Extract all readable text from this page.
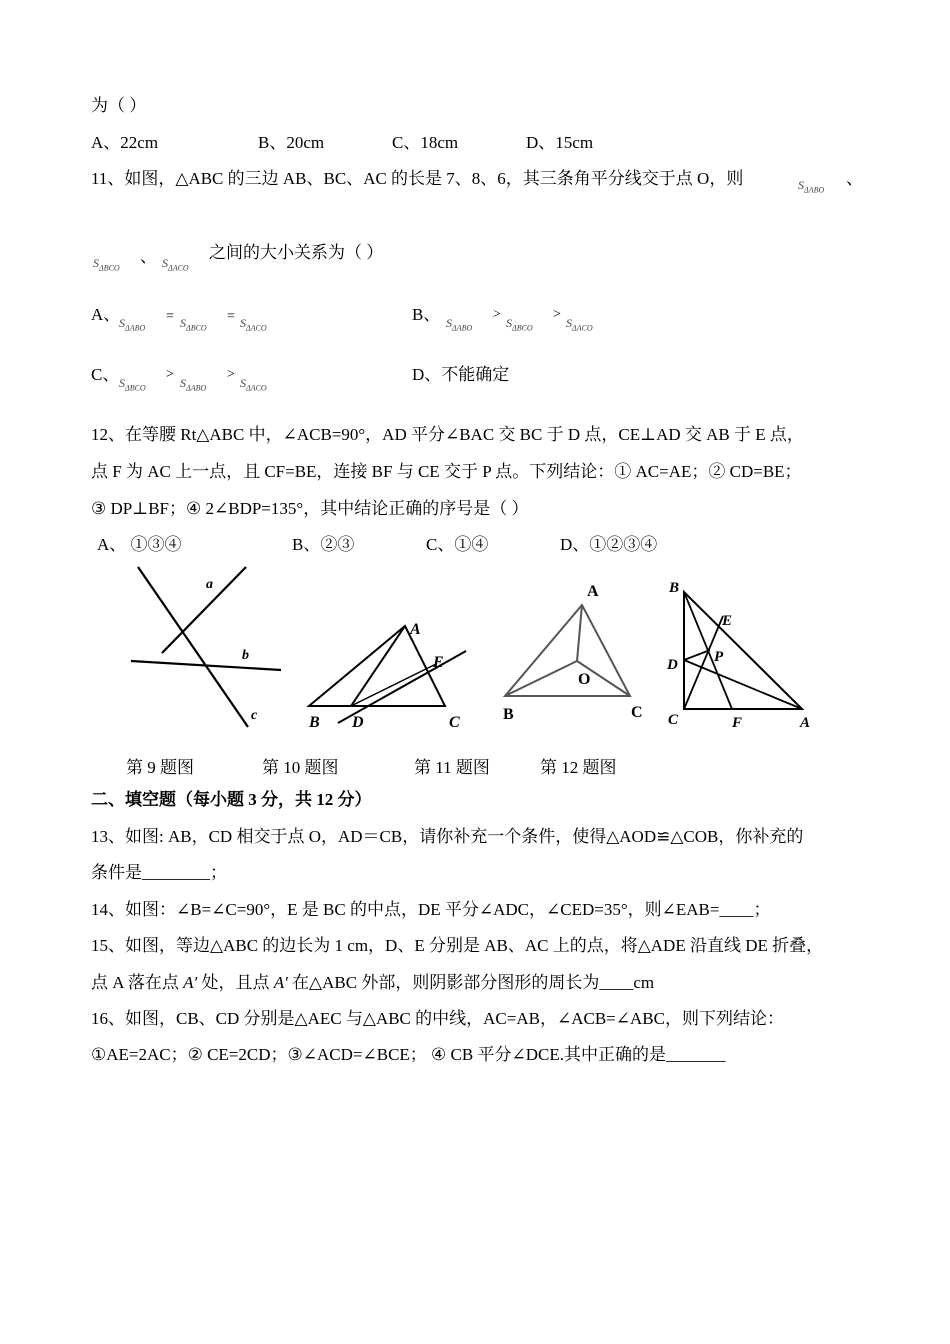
为（ ）
A、22cm	B、20cm	C、18cm	D、15cm
11、如图，△ABC 的三边 AB、BC、AC 的长是 7、8、6，其三条角平分线交于点 O，则	$S_{\Delta ABO}$
、
$S_{\Delta BCO}$
、 $S_{\Delta ACO}$
之间的大小关系为（ ）
A、
$S_{\Delta ABO}$
= $S_{\Delta BCO}$
= $S_{\Delta ACO}$
B、 $S_{\Delta ABO}$
>
$S_{\Delta BCO}$
>
$S_{\Delta ACO}$
C、 $S_{\Delta BCO}$
>
$S_{\Delta ABO}$
>
$S_{\Delta ACO}$
D、不能确定
12、在等腰 Rt△ABC 中，∠ACB=90°，AD 平分∠BAC 交 BC 于 D 点，CE⊥AD 交 AB 于 E 点，
点 F 为 AC 上一点，且 CF=BE，连接 BF 与 CE 交于 P 点。下列结论：① AC=AE；② CD=BE；
③ DP⊥BF；④ 2∠BDP=135°，其中结论正确的序号是（ ）
A、 ①③④	B、②③	C、①④	D、①②③④
a
b
c
A
E
B D	C
A
O
B	C
B
E
D P
C	F	A
第 9 题图	第 10 题图	第 11 题图	第 12 题图
二、填空题（每小题 3 分，共 12 分）
13、如图: AB，CD 相交于点 O，AD＝CB，请你补充一个条件，使得△AOD≌△COB，你补充的
条件是________；
14、如图：∠B=∠C=90°，E 是 BC 的中点，DE 平分∠ADC，∠CED=35°，则∠EAB=____；
15、如图，等边△ABC 的边长为 1 cm，D、E 分别是 AB、AC 上的点，将△ADE 沿直线 DE 折叠，
点 A 落在点 A′ 处，且点 A′ 在△ABC 外部，则阴影部分图形的周长为____cm
16、如图，CB、CD 分别是△AEC 与△ABC 的中线，AC=AB，∠ACB=∠ABC，则下列结论：
①AE=2AC；② CE=2CD；③∠ACD=∠BCE； ④ CB 平分∠DCE.其中正确的是_______
